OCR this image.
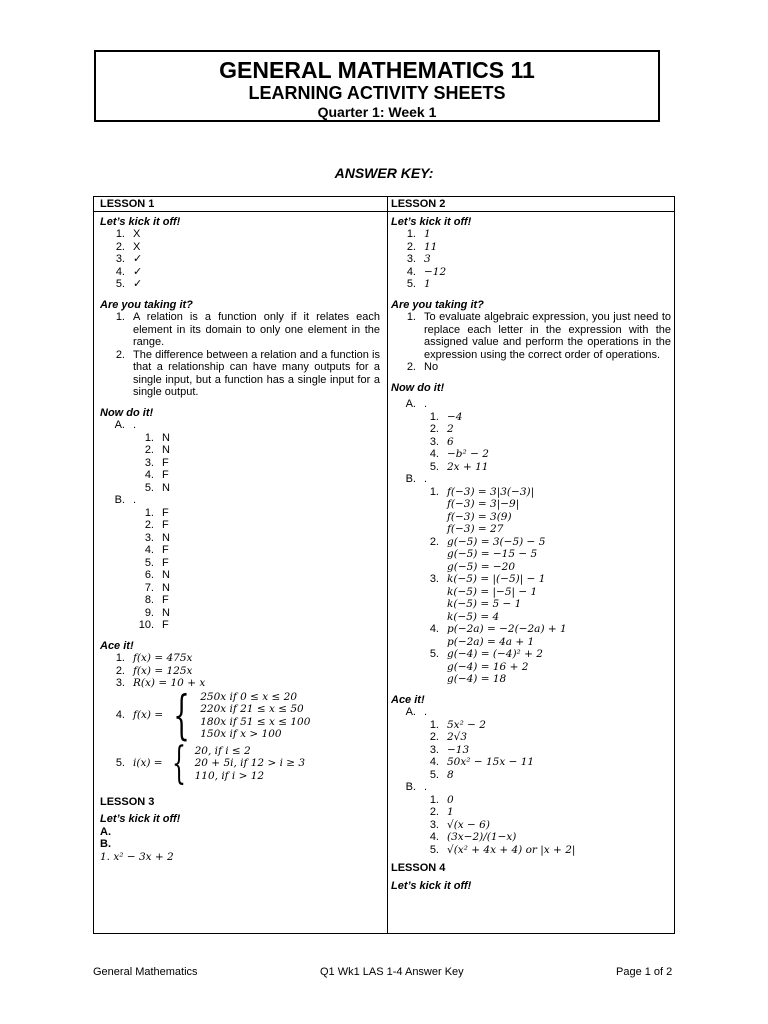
GENERAL MATHEMATICS 11
LEARNING ACTIVITY SHEETS
Quarter 1: Week 1
ANSWER KEY:
LESSON 1
Let’s kick it off!
1. X
2. X
3. ✓
4. ✓
5. ✓
Are you taking it?
1. A relation is a function only if it relates each element in its domain to only one element in the range.
2. The difference between a relation and a function is that a relationship can have many outputs for a single input, but a function has a single input for a single output.
Now do it!
A. .
1. N
2. N
3. F
4. F
5. N
B. .
1. F
2. F
3. N
4. F
5. F
6. N
7. N
8. F
9. N
10. F
Ace it!
1. f(x) = 475x
2. f(x) = 125x
3. R(x) = 10 + x
4. f(x) = { 250x if 0 ≤ x ≤ 20
220x if 21 ≤ x ≤ 50
180x if 51 ≤ x ≤ 100
150x if x > 100
5. i(x) = { 20, if i ≤ 2
20 + 5i, if 12 > i ≥ 3
110, if i > 12
LESSON 3
Let’s kick it off!
A.
B.
1. x² − 3x + 2
LESSON 2
Let’s kick it off!
1. 1
2. 11
3. 3
4. −12
5. 1
Are you taking it?
1. To evaluate algebraic expression, you just need to replace each letter in the expression with the assigned value and perform the operations in the expression using the correct order of operations.
2. No
Now do it!
A. .
1. −4
2. 2
3. 6
4. −b² − 2
5. 2x + 11
B. .
1. f(−3) = 3|3(−3)|
f(−3) = 3|−9|
f(−3) = 3(9)
f(−3) = 27
2. g(−5) = 3(−5) − 5
g(−5) = −15 − 5
g(−5) = −20
3. k(−5) = |(−5)| − 1
k(−5) = |−5| − 1
k(−5) = 5 − 1
k(−5) = 4
4. p(−2a) = −2(−2a) + 1
p(−2a) = 4a + 1
5. g(−4) = (−4)² + 2
g(−4) = 16 + 2
g(−4) = 18
Ace it!
A. .
1. 5x² − 2
2. 2√3
3. −13
4. 50x² − 15x − 11
5. 8
B. .
1. 0
2. 1
3. √(x − 6)
4. (3x−2)/(1−x)
5. √(x² + 4x + 4) or |x + 2|
LESSON 4
Let’s kick it off!
General Mathematics	Q1 Wk1 LAS 1-4 Answer Key	Page 1 of 2
